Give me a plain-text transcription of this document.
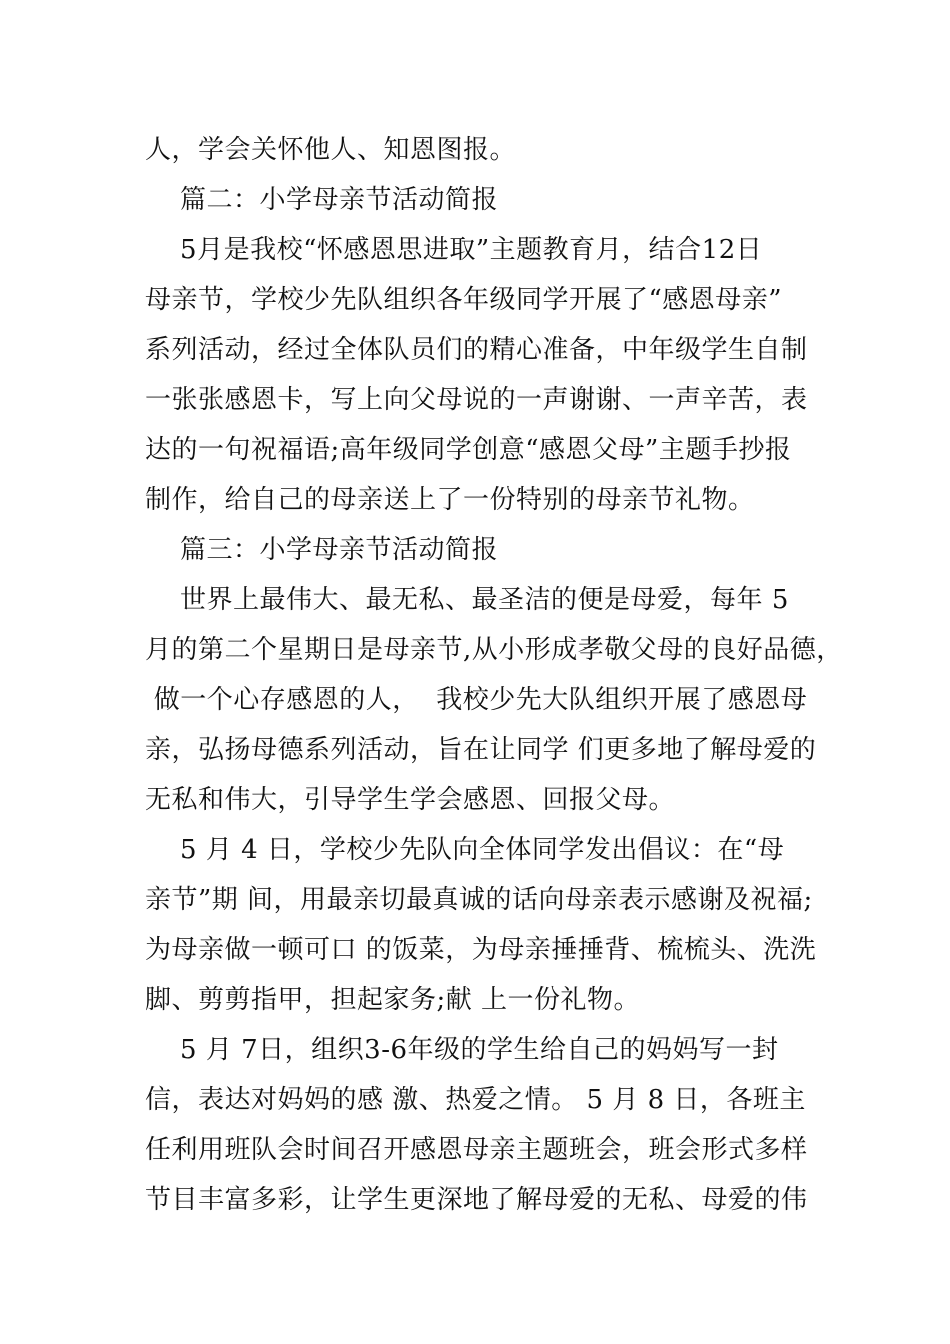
人，学会关怀他人、知恩图报。
篇二：小学母亲节活动简报
5月是我校“怀感恩思进取”主题教育月，结合12日
母亲节，学校少先队组织各年级同学开展了“感恩母亲”
系列活动，经过全体队员们的精心准备，中年级学生自制
一张张感恩卡，写上向父母说的一声谢谢、一声辛苦，表
达的一句祝福语;高年级同学创意“感恩父母”主题手抄报
制作，给自己的母亲送上了一份特别的母亲节礼物。
篇三：小学母亲节活动简报
世界上最伟大、最无私、最圣洁的便是母爱，每年 5
月的第二个星期日是母亲节,从小形成孝敬父母的良好品德，
做一个心存感恩的人，  我校少先大队组织开展了感恩母
亲，弘扬母德系列活动，旨在让同学 们更多地了解母爱的
无私和伟大，引导学生学会感恩、回报父母。
5 月 4 日，学校少先队向全体同学发出倡议：在“母
亲节”期 间，用最亲切最真诚的话向母亲表示感谢及祝福;
为母亲做一顿可口 的饭菜，为母亲捶捶背、梳梳头、洗洗
脚、剪剪指甲，担起家务;献 上一份礼物。
5 月 7日，组织3-6年级的学生给自己的妈妈写一封
信，表达对妈妈的感 激、热爱之情。 5 月 8 日，各班主
任利用班队会时间召开感恩母亲主题班会，班会形式多样
节目丰富多彩，让学生更深地了解母爱的无私、母爱的伟
